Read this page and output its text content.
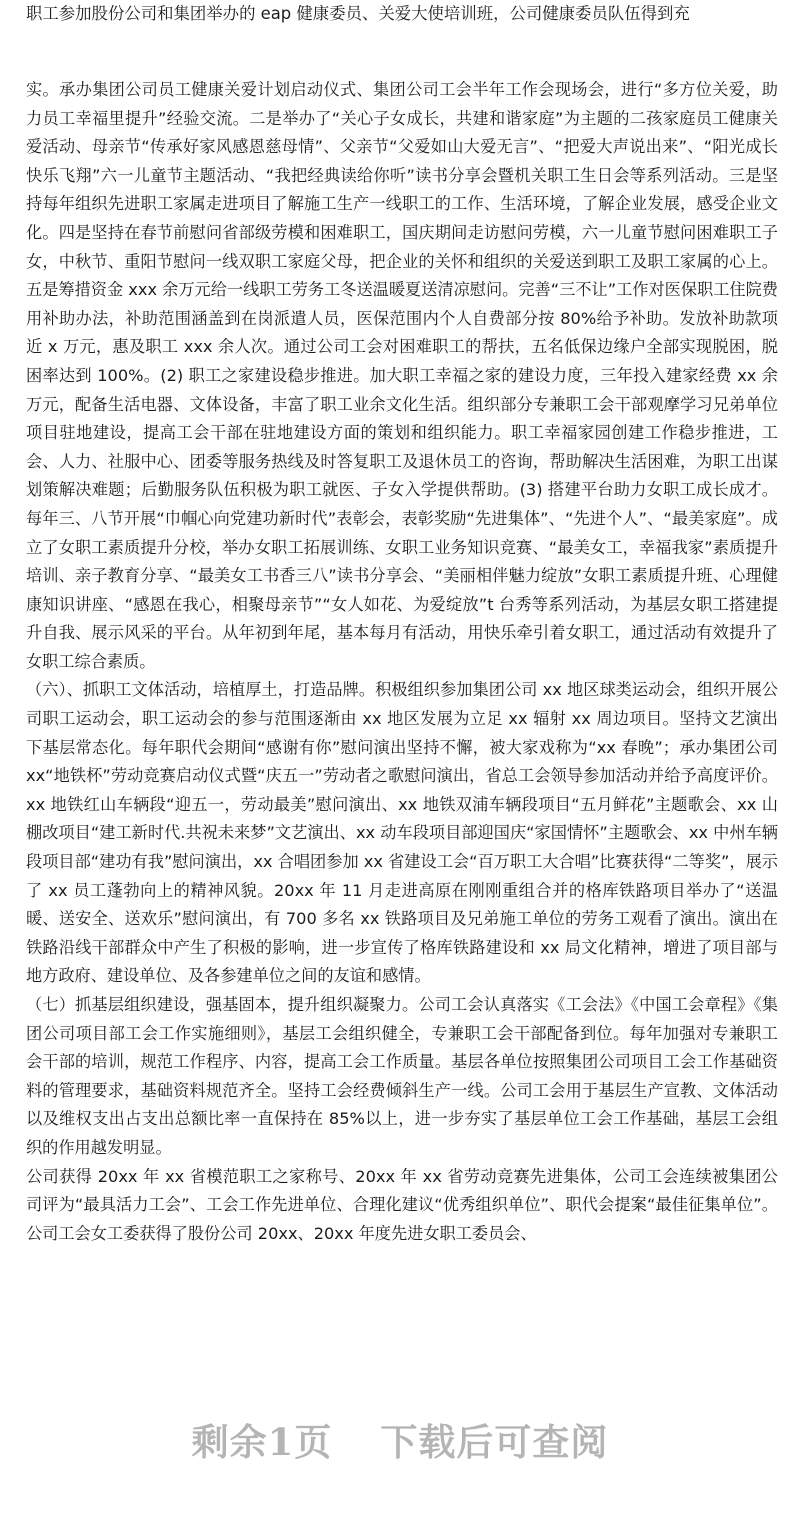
职工参加股份公司和集团举办的 eap 健康委员、关爱大使培训班，公司健康委员队伍得到充

实。承办集团公司员工健康关爱计划启动仪式、集团公司工会半年工作会现场会，进行“多方位关爱，助力员工幸福里提升”经验交流。二是举办了“关心子女成长，共建和谐家庭”为主题的二孩家庭员工健康关爱活动、母亲节“传承好家风感恩慈母情”、父亲节“父爱如山大爱无言”、“把爱大声说出来”、“阳光成长快乐飞翔”六一儿童节主题活动、“我把经典读给你听”读书分享会暨机关职工生日会等系列活动。三是坚持每年组织先进职工家属走进项目了解施工生产一线职工的工作、生活环境，了解企业发展，感受企业文化。四是坚持在春节前慰问省部级劳模和困难职工，国庆期间走访慰问劳模，六一儿童节慰问困难职工子女，中秋节、重阳节慰问一线双职工家庭父母，把企业的关怀和组织的关爱送到职工及职工家属的心上。五是筹措资金 xxx 余万元给一线职工劳务工冬送温暖夏送清凉慰问。完善“三不让”工作对医保职工住院费用补助办法，补助范围涵盖到在岗派遣人员，医保范围内个人自费部分按 80%给予补助。发放补助款项近 x 万元，惠及职工 xxx 余人次。通过公司工会对困难职工的帮扶，五名低保边缘户全部实现脱困，脱困率达到 100%。(2) 职工之家建设稳步推进。加大职工幸福之家的建设力度，三年投入建家经费 xx 余万元，配备生活电器、文体设备，丰富了职工业余文化生活。组织部分专兼职工会干部观摩学习兄弟单位项目驻地建设，提高工会干部在驻地建设方面的策划和组织能力。职工幸福家园创建工作稳步推进，工会、人力、社服中心、团委等服务热线及时答复职工及退休员工的咨询，帮助解决生活困难，为职工出谋划策解决难题；后勤服务队伍积极为职工就医、子女入学提供帮助。(3) 搭建平台助力女职工成长成才。每年三、八节开展“巾帼心向党建功新时代”表彰会，表彰奖励“先进集体”、“先进个人”、“最美家庭”。成立了女职工素质提升分校，举办女职工拓展训练、女职工业务知识竞赛、“最美女工，幸福我家”素质提升培训、亲子教育分享、“最美女工书香三八”读书分享会、“美丽相伴魅力绽放”女职工素质提升班、心理健康知识讲座、“感恩在我心，相聚母亲节”“女人如花、为爱绽放”t 台秀等系列活动，为基层女职工搭建提升自我、展示风采的平台。从年初到年尾，基本每月有活动，用快乐牵引着女职工，通过活动有效提升了女职工综合素质。

（六）、抓职工文体活动，培植厚土，打造品牌。积极组织参加集团公司 xx 地区球类运动会，组织开展公司职工运动会，职工运动会的参与范围逐渐由 xx 地区发展为立足 xx 辐射 xx 周边项目。坚持文艺演出下基层常态化。每年职代会期间“感谢有你”慰问演出坚持不懈，被大家戏称为“xx 春晚”；承办集团公司 xx“地铁杯”劳动竞赛启动仪式暨“庆五一”劳动者之歌慰问演出，省总工会领导参加活动并给予高度评价。xx 地铁红山车辆段“迎五一，劳动最美”慰问演出、xx 地铁双浦车辆段项目“五月鲜花”主题歌会、xx 山棚改项目“建工新时代.共祝未来梦”文艺演出、xx 动车段项目部迎国庆“家国情怀”主题歌会、xx 中州车辆段项目部“建功有我”慰问演出，xx 合唱团参加 xx 省建设工会“百万职工大合唱”比赛获得“二等奖”，展示了 xx 员工蓬勃向上的精神风貌。20xx 年 11 月走进高原在刚刚重组合并的格库铁路项目举办了“送温暖、送安全、送欢乐”慰问演出，有 700 多名 xx 铁路项目及兄弟施工单位的劳务工观看了演出。演出在铁路沿线干部群众中产生了积极的影响，进一步宣传了格库铁路建设和 xx 局文化精神，增进了项目部与地方政府、建设单位、及各参建单位之间的友谊和感情。

（七）抓基层组织建设，强基固本，提升组织凝聚力。公司工会认真落实《工会法》《中国工会章程》《集团公司项目部工会工作实施细则》，基层工会组织健全，专兼职工会干部配备到位。每年加强对专兼职工会干部的培训，规范工作程序、内容，提高工会工作质量。基层各单位按照集团公司项目工会工作基础资料的管理要求，基础资料规范齐全。坚持工会经费倾斜生产一线。公司工会用于基层生产宣教、文体活动以及维权支出占支出总额比率一直保持在 85%以上，进一步夯实了基层单位工会工作基础，基层工会组织的作用越发明显。

公司获得 20xx 年 xx 省模范职工之家称号、20xx 年 xx 省劳动竞赛先进集体，公司工会连续被集团公司评为“最具活力工会”、工会工作先进单位、合理化建议“优秀组织单位”、职代会提案“最佳征集单位”。公司工会女工委获得了股份公司 20xx、20xx 年度先进女职工委员会、

剩余1页 下载后可查阅
